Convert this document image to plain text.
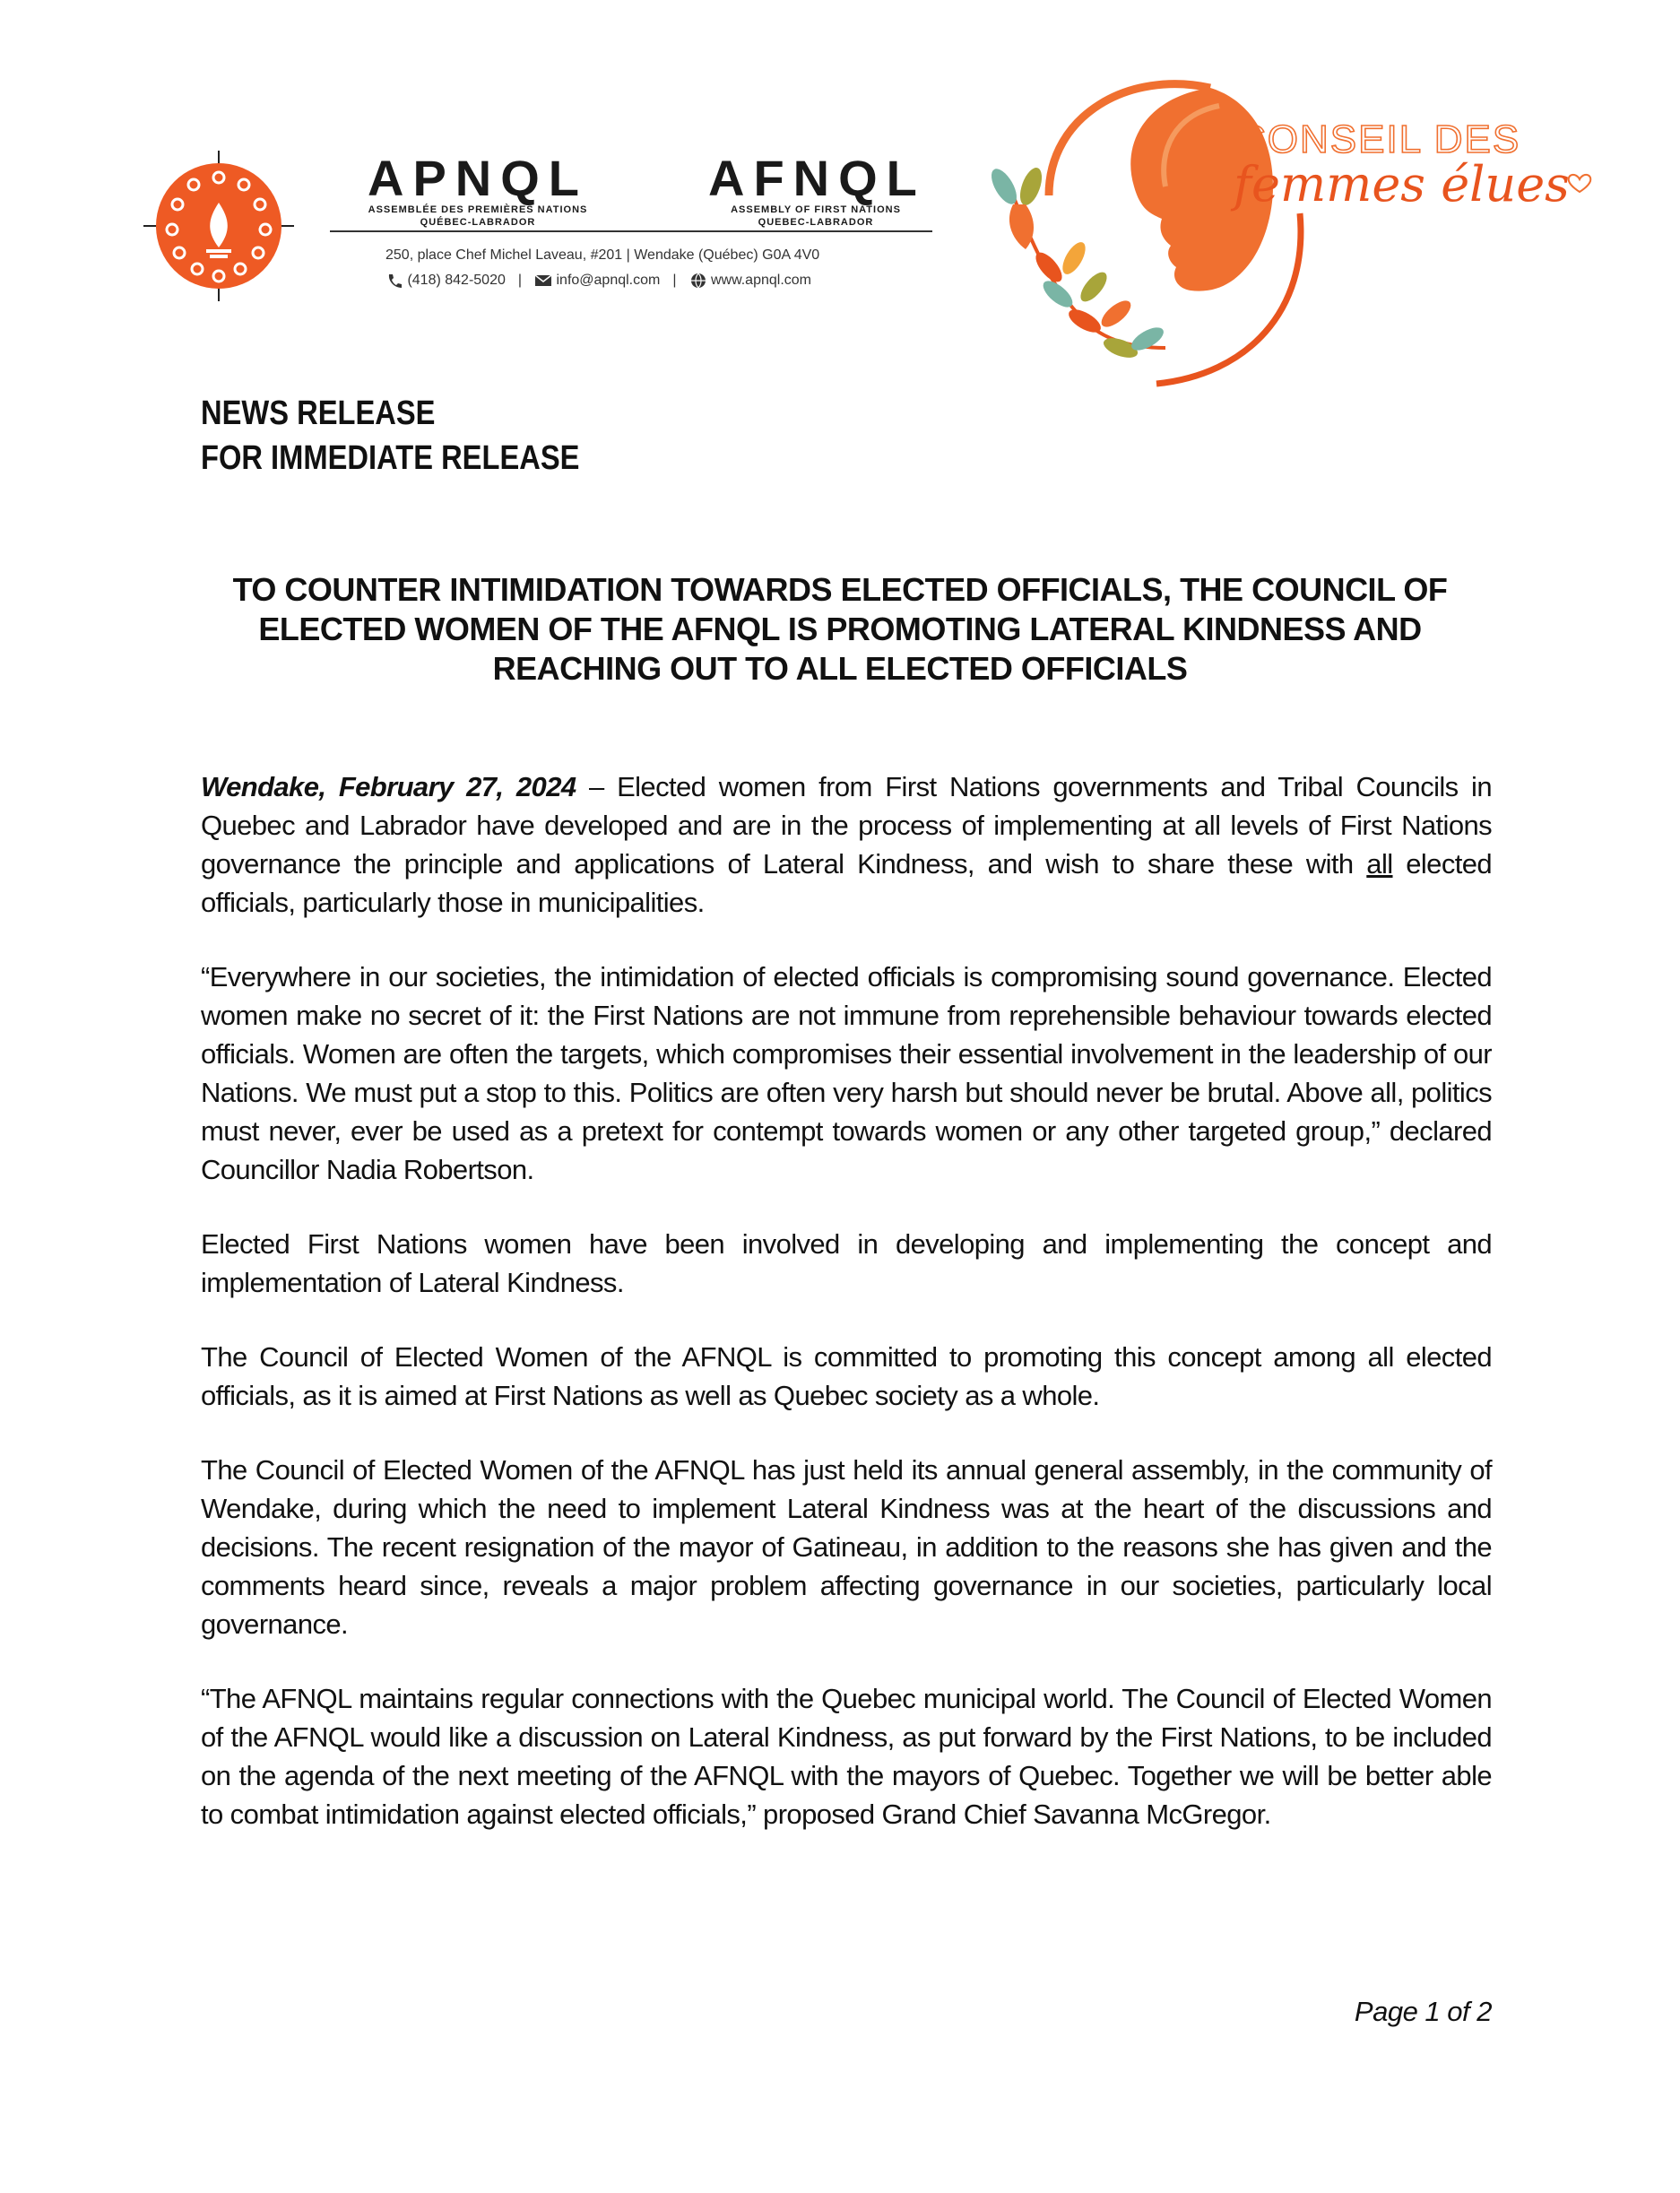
APNQL
ASSEMBLÉE DES PREMIÈRES NATIONS
QUÉBEC-LABRADOR
AFNQL
ASSEMBLY OF FIRST NATIONS
QUEBEC-LABRADOR
250, place Chef Michel Laveau, #201 | Wendake (Québec) G0A 4V0
(418) 842-5020 |	info@apnql.com |	www.apnql.com
CONSEIL DES
femmes élues
NEWS RELEASE
FOR IMMEDIATE RELEASE
TO COUNTER INTIMIDATION TOWARDS ELECTED OFFICIALS, THE COUNCIL OF ELECTED WOMEN OF THE AFNQL IS PROMOTING LATERAL KINDNESS AND REACHING OUT TO ALL ELECTED OFFICIALS

Wendake, February 27, 2024 – Elected women from First Nations governments and Tribal Councils in Quebec and Labrador have developed and are in the process of implementing at all levels of First Nations governance the principle and applications of Lateral Kindness, and wish to share these with all elected officials, particularly those in municipalities.

“Everywhere in our societies, the intimidation of elected officials is compromising sound governance. Elected women make no secret of it: the First Nations are not immune from reprehensible behaviour towards elected officials. Women are often the targets, which compromises their essential involvement in the leadership of our Nations. We must put a stop to this. Politics are often very harsh but should never be brutal. Above all, politics must never, ever be used as a pretext for contempt towards women or any other targeted group,” declared Councillor Nadia Robertson.

Elected First Nations women have been involved in developing and implementing the concept and implementation of Lateral Kindness.

The Council of Elected Women of the AFNQL is committed to promoting this concept among all elected officials, as it is aimed at First Nations as well as Quebec society as a whole.

The Council of Elected Women of the AFNQL has just held its annual general assembly, in the community of Wendake, during which the need to implement Lateral Kindness was at the heart of the discussions and decisions. The recent resignation of the mayor of Gatineau, in addition to the reasons she has given and the comments heard since, reveals a major problem affecting governance in our societies, particularly local governance.

“The AFNQL maintains regular connections with the Quebec municipal world. The Council of Elected Women of the AFNQL would like a discussion on Lateral Kindness, as put forward by the First Nations, to be included on the agenda of the next meeting of the AFNQL with the mayors of Quebec. Together we will be better able to combat intimidation against elected officials,” proposed Grand Chief Savanna McGregor.

Page 1 of 2
